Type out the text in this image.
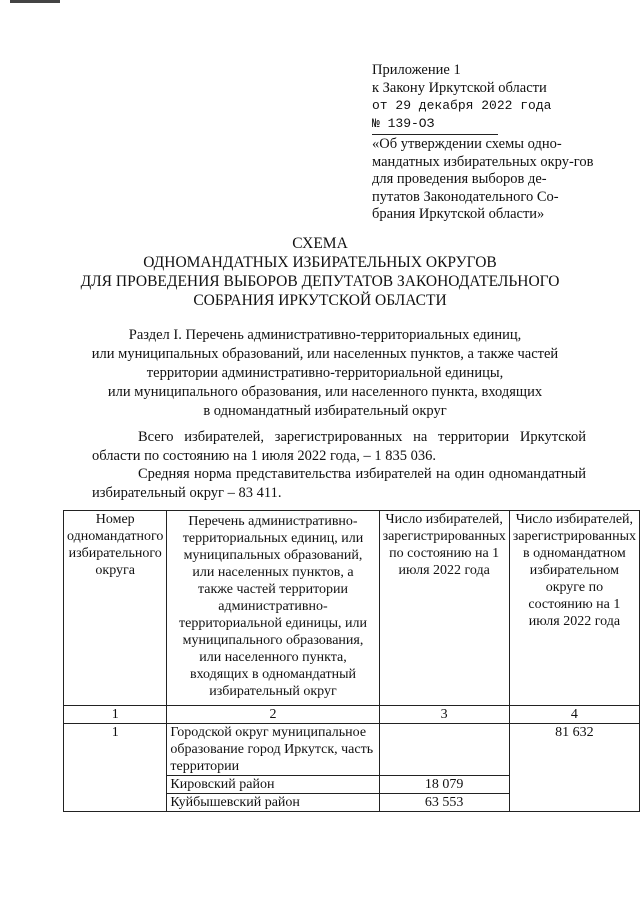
Приложение 1
к Закону Иркутской области
от 29 декабря 2022 года
№ 139-ОЗ
«Об утверждении схемы одно-мандатных избирательных окру-гов для проведения выборов де-путатов Законодательного Со-брания Иркутской области»
СХЕМА
ОДНОМАНДАТНЫХ ИЗБИРАТЕЛЬНЫХ ОКРУГОВ
ДЛЯ ПРОВЕДЕНИЯ ВЫБОРОВ ДЕПУТАТОВ ЗАКОНОДАТЕЛЬНОГО
СОБРАНИЯ ИРКУТСКОЙ ОБЛАСТИ
Раздел I. Перечень административно-территориальных единиц,
или муниципальных образований, или населенных пунктов, а также частей
территории административно-территориальной единицы,
или муниципального образования, или населенного пункта, входящих
в одномандатный избирательный округ
Всего избирателей, зарегистрированных на территории Иркутской области по состоянию на 1 июля 2022 года, – 1 835 036.
Средняя норма представительства избирателей на один одномандатный избирательный округ – 83 411.
Номер одномандатного избирательного округа	Перечень административно-территориальных единиц, или муниципальных образований, или населенных пунктов, а также частей территории административно-территориальной единицы, или муниципального образования, или населенного пункта, входящих в одномандатный избирательный округ	Число избирателей, зарегистрированных по состоянию на 1 июля 2022 года	Число избирателей, зарегистрированных в одномандатном избирательном округе по состоянию на 1 июля 2022 года
1	2	3	4
1	Городской округ муниципальное образование город Иркутск, часть территории		81 632
	Кировский район	18 079	
	Куйбышевский район	63 553	
